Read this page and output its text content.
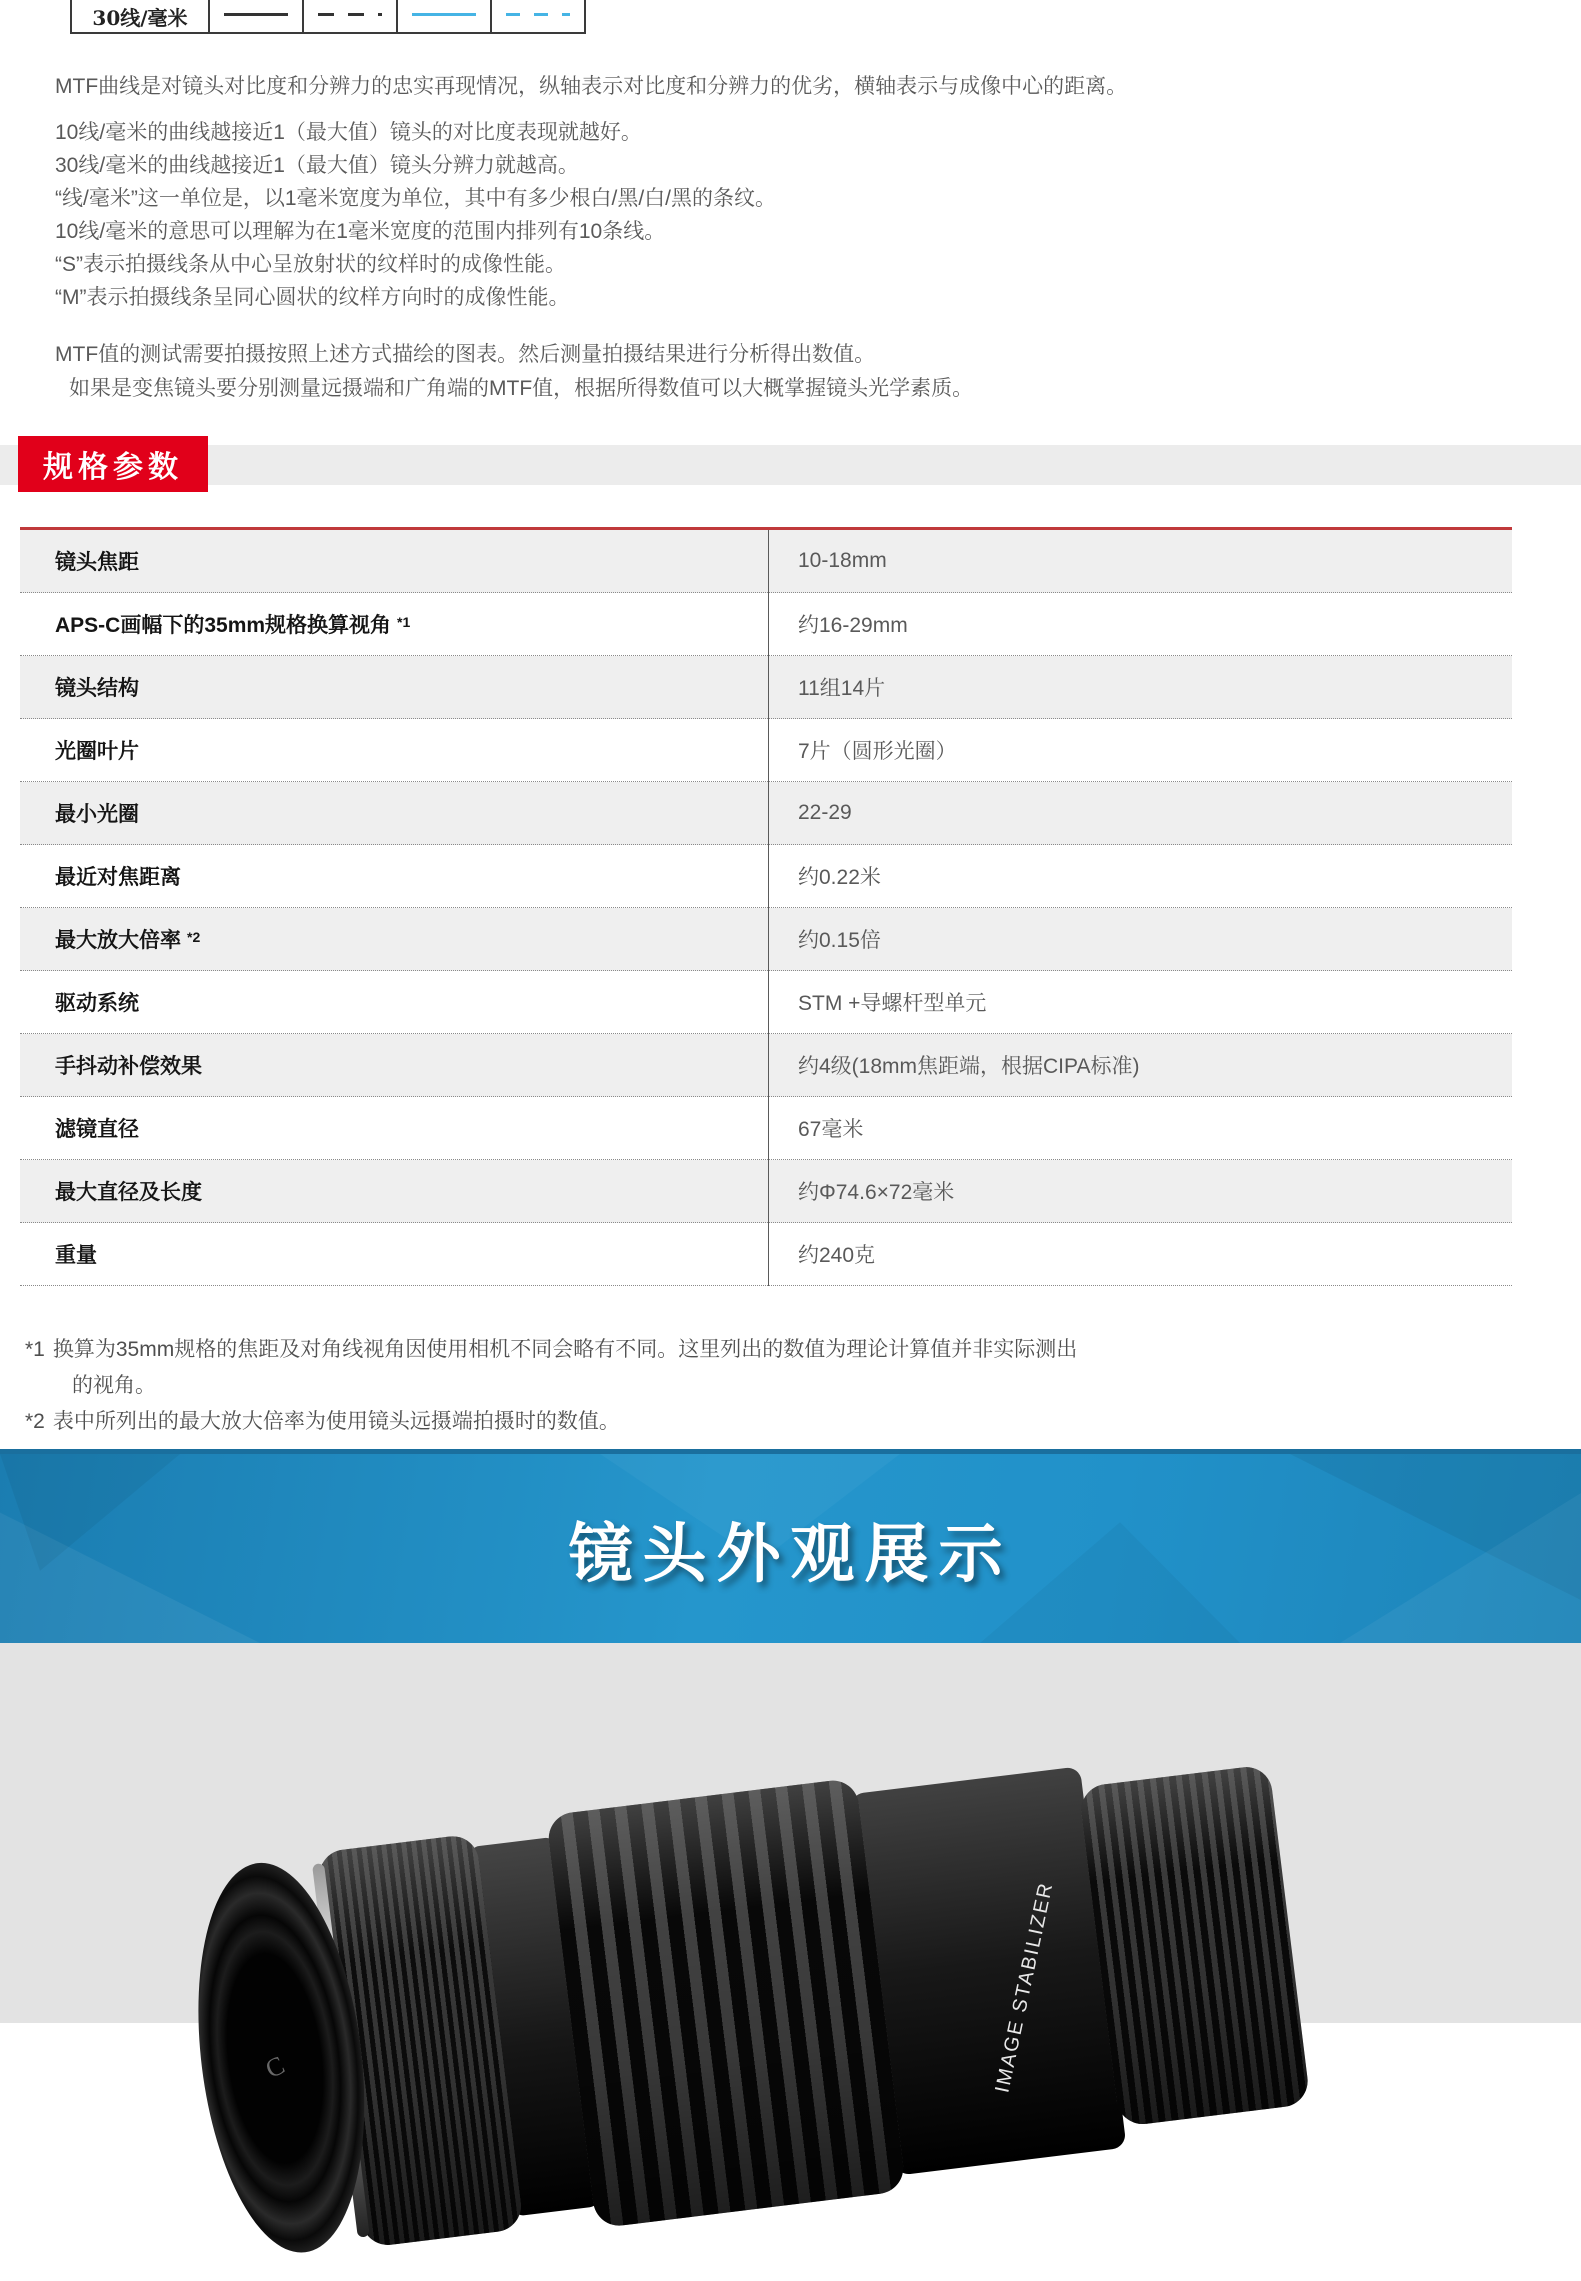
30线/毫米
MTF曲线是对镜头对比度和分辨力的忠实再现情况，纵轴表示对比度和分辨力的优劣，横轴表示与成像中心的距离。
10线/毫米的曲线越接近1（最大值）镜头的对比度表现就越好。
30线/毫米的曲线越接近1（最大值）镜头分辨力就越高。
“线/毫米”这一单位是，以1毫米宽度为单位，其中有多少根白/黑/白/黑的条纹。
10线/毫米的意思可以理解为在1毫米宽度的范围内排列有10条线。
“S”表示拍摄线条从中心呈放射状的纹样时的成像性能。
“M”表示拍摄线条呈同心圆状的纹样方向时的成像性能。
MTF值的测试需要拍摄按照上述方式描绘的图表。然后测量拍摄结果进行分析得出数值。
如果是变焦镜头要分别测量远摄端和广角端的MTF值，根据所得数值可以大概掌握镜头光学素质。
规格参数
镜头焦距	10-18mm
APS-C画幅下的35mm规格换算视角 $^{*1}$	约16-29mm
镜头结构	11组14片
光圈叶片	7片（圆形光圈）
最小光圈	22-29
最近对焦距离	约0.22米
最大放大倍率 $^{*2}$	约0.15倍
驱动系统	STM +导螺杆型单元
手抖动补偿效果	约4级(18mm焦距端，根据CIPA标准)
滤镜直径	67毫米
最大直径及长度	约Φ74.6×72毫米
重量	约240克
*1 换算为35mm规格的焦距及对角线视角因使用相机不同会略有不同。这里列出的数值为理论计算值并非实际测出
的视角。
*2 表中所列出的最大放大倍率为使用镜头远摄端拍摄时的数值。
镜头外观展示
C	IMAGE STABILIZER
